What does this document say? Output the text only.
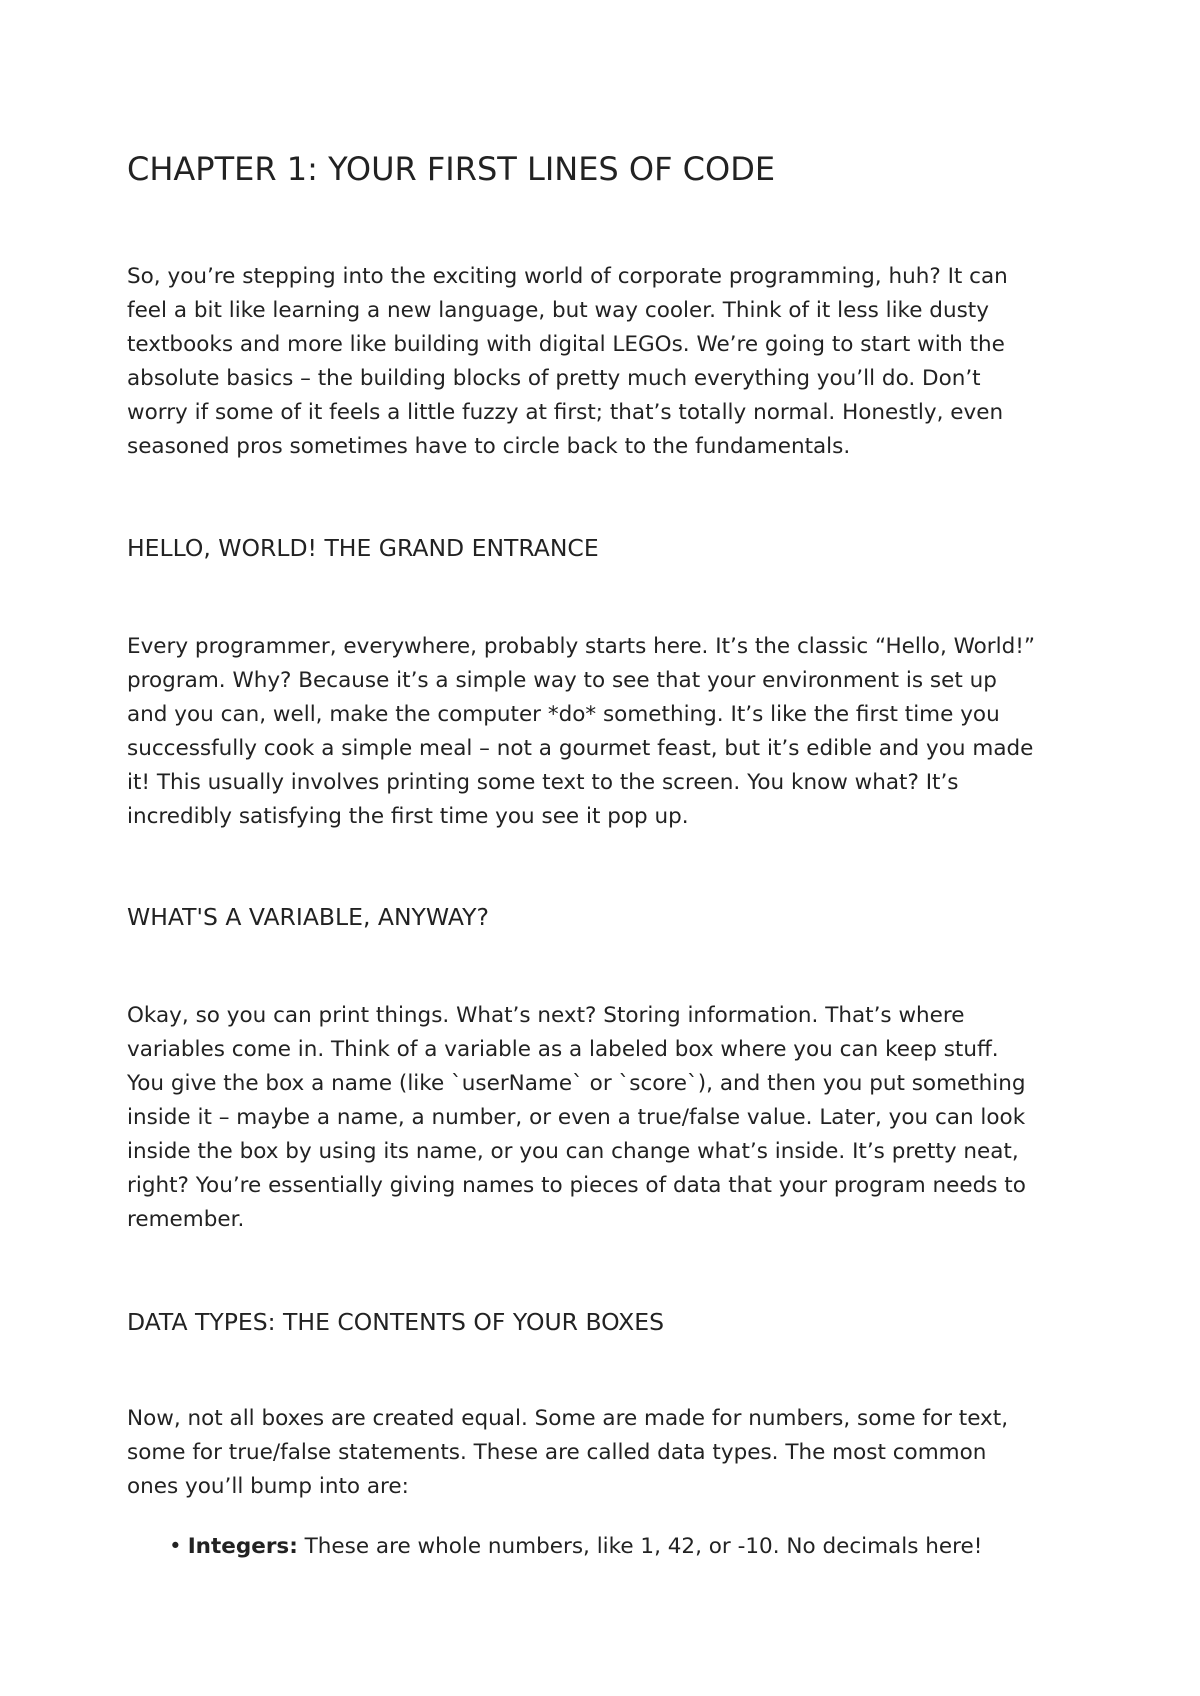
CHAPTER 1: YOUR FIRST LINES OF CODE

So, you’re stepping into the exciting world of corporate programming, huh? It can
feel a bit like learning a new language, but way cooler. Think of it less like dusty
textbooks and more like building with digital LEGOs. We’re going to start with the
absolute basics – the building blocks of pretty much everything you’ll do. Don’t
worry if some of it feels a little fuzzy at first; that’s totally normal. Honestly, even
seasoned pros sometimes have to circle back to the fundamentals.

HELLO, WORLD! THE GRAND ENTRANCE

Every programmer, everywhere, probably starts here. It’s the classic “Hello, World!”
program. Why? Because it’s a simple way to see that your environment is set up
and you can, well, make the computer *do* something. It’s like the first time you
successfully cook a simple meal – not a gourmet feast, but it’s edible and you made
it! This usually involves printing some text to the screen. You know what? It’s
incredibly satisfying the first time you see it pop up.

WHAT'S A VARIABLE, ANYWAY?

Okay, so you can print things. What’s next? Storing information. That’s where
variables come in. Think of a variable as a labeled box where you can keep stuff.
You give the box a name (like `userName` or `score`), and then you put something
inside it – maybe a name, a number, or even a true/false value. Later, you can look
inside the box by using its name, or you can change what’s inside. It’s pretty neat,
right? You’re essentially giving names to pieces of data that your program needs to
remember.

DATA TYPES: THE CONTENTS OF YOUR BOXES

Now, not all boxes are created equal. Some are made for numbers, some for text,
some for true/false statements. These are called data types. The most common
ones you’ll bump into are:

• Integers: These are whole numbers, like 1, 42, or -10. No decimals here!
